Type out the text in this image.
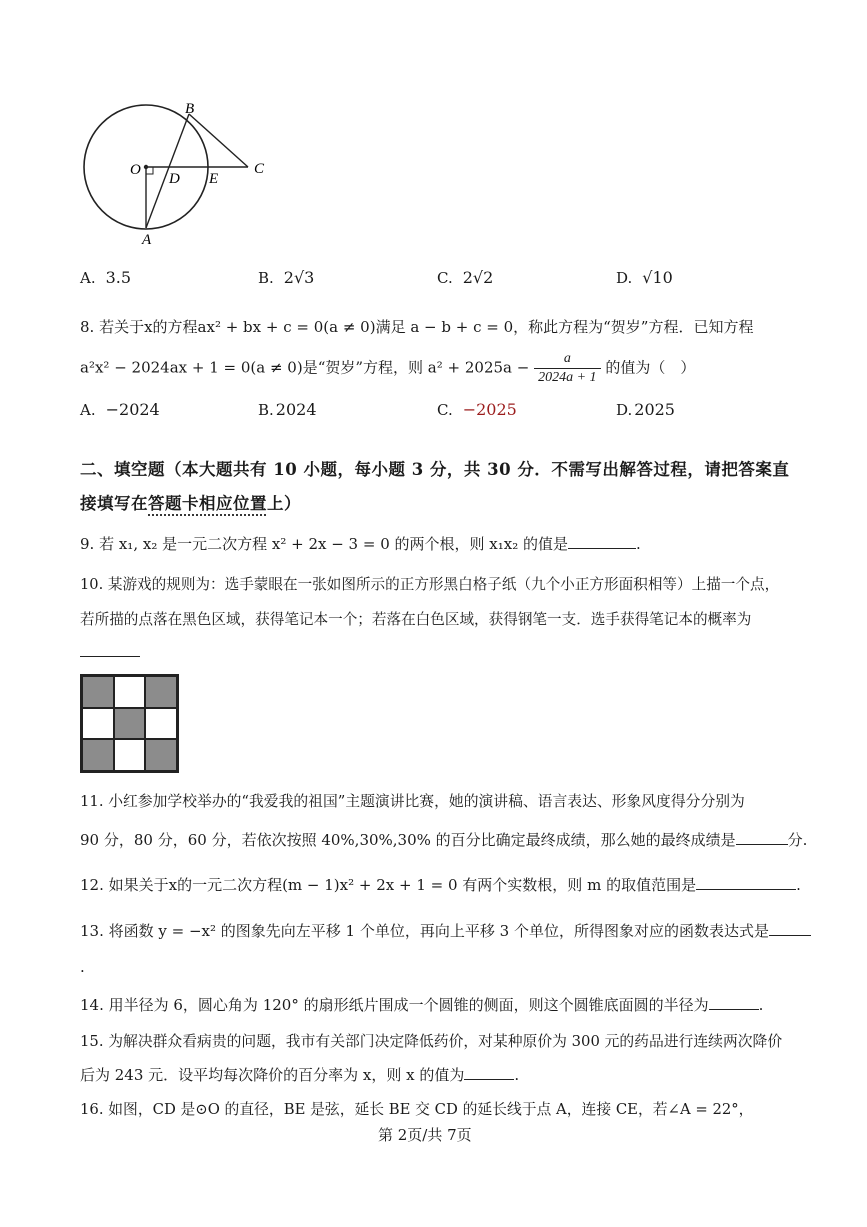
B
O
D E
C
A
A. 3.5	B. 2√3	C. 2√2	D. √10
8. 若关于x的方程ax² + bx + c = 0(a ≠ 0)满足 a − b + c = 0，称此方程为“贺岁”方程．已知方程
a²x² − 2024ax + 1 = 0(a ≠ 0)是“贺岁”方程，则 $a^2 + 2025a - \frac{a}{2024a + 1}$ 的值为（　）
A. −2024	B. 2024	C. −2025	D. 2025
二、填空题（本大题共有 10 小题，每小题 3 分，共 30 分．不需写出解答过程，请把答案直
接填写在答题卡相应位置上）
9. 若 x₁, x₂ 是一元二次方程 x² + 2x − 3 = 0 的两个根，则 x₁x₂ 的值是	.
10. 某游戏的规则为：选手蒙眼在一张如图所示的正方形黑白格子纸（九个小正方形面积相等）上描一个点，
若所描的点落在黑色区域，获得笔记本一个；若落在白色区域，获得钢笔一支．选手获得笔记本的概率为
11. 小红参加学校举办的“我爱我的祖国”主题演讲比赛，她的演讲稿、语言表达、形象风度得分分别为
90 分，80 分，60 分，若依次按照 40%,30%,30% 的百分比确定最终成绩，那么她的最终成绩是	分.
12. 如果关于x的一元二次方程(m − 1)x² + 2x + 1 = 0 有两个实数根，则 m 的取值范围是	.
13. 将函数 y = −x² 的图象先向左平移 1 个单位，再向上平移 3 个单位，所得图象对应的函数表达式是
.
14. 用半径为 6，圆心角为 120° 的扇形纸片围成一个圆锥的侧面，则这个圆锥底面圆的半径为	.
15. 为解决群众看病贵的问题，我市有关部门决定降低药价，对某种原价为 300 元的药品进行连续两次降价
后为 243 元．设平均每次降价的百分率为 x，则 x 的值为	.
16. 如图，CD 是⊙O 的直径，BE 是弦，延长 BE 交 CD 的延长线于点 A，连接 CE，若∠A = 22°，
第 2页/共 7页
